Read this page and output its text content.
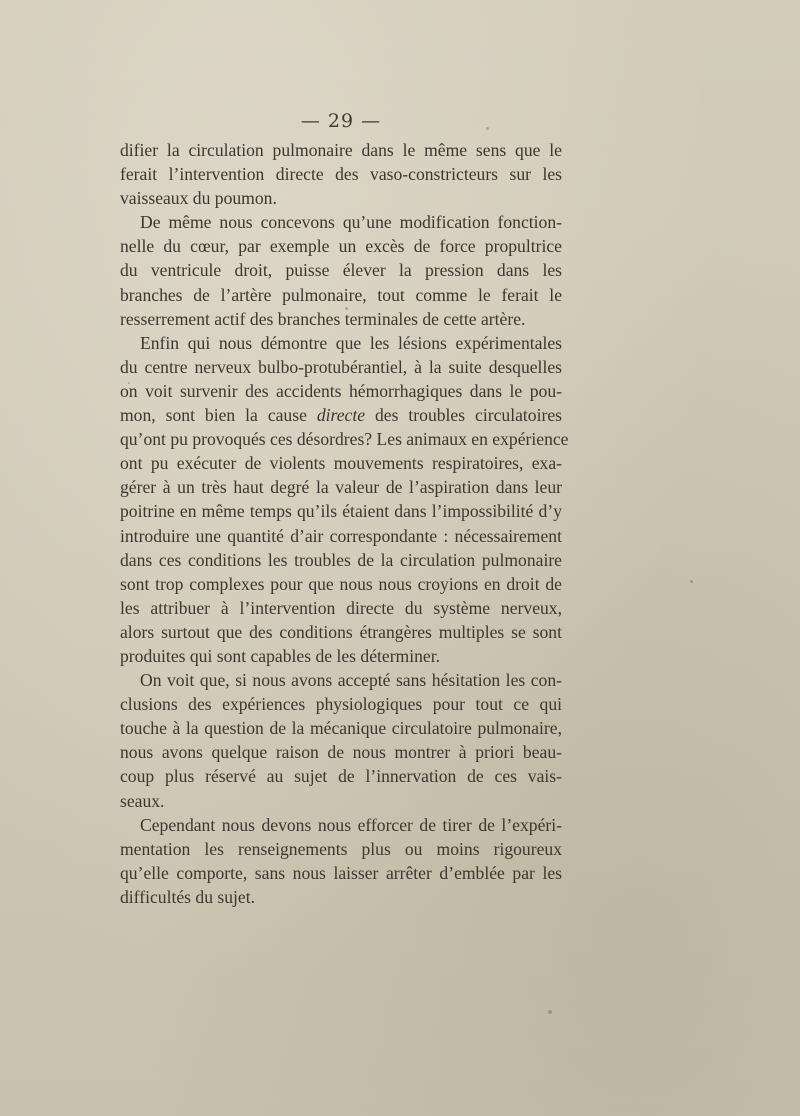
— 29 —

difier la circulation pulmonaire dans le même sens que le
ferait l’intervention directe des vaso-constricteurs sur les
vaisseaux du poumon.

De même nous concevons qu’une modification fonction-
nelle du cœur, par exemple un excès de force propultrice
du ventricule droit, puisse élever la pression dans les
branches de l’artère pulmonaire, tout comme le ferait le
resserrement actif des branches terminales de cette artère.

Enfin qui nous démontre que les lésions expérimentales
du centre nerveux bulbo-protubérantiel, à la suite desquelles
on voit survenir des accidents hémorrhagiques dans le pou-
mon, sont bien la cause directe des troubles circulatoires
qu’ont pu provoqués ces désordres? Les animaux en expérience
ont pu exécuter de violents mouvements respiratoires, exa-
gérer à un très haut degré la valeur de l’aspiration dans leur
poitrine en même temps qu’ils étaient dans l’impossibilité d’y
introduire une quantité d’air correspondante : nécessairement
dans ces conditions les troubles de la circulation pulmonaire
sont trop complexes pour que nous nous croyions en droit de
les attribuer à l’intervention directe du système nerveux,
alors surtout que des conditions étrangères multiples se sont
produites qui sont capables de les déterminer.

On voit que, si nous avons accepté sans hésitation les con-
clusions des expériences physiologiques pour tout ce qui
touche à la question de la mécanique circulatoire pulmonaire,
nous avons quelque raison de nous montrer à priori beau-
coup plus réservé au sujet de l’innervation de ces vais-
seaux.

Cependant nous devons nous efforcer de tirer de l’expéri-
mentation les renseignements plus ou moins rigoureux
qu’elle comporte, sans nous laisser arrêter d’emblée par les
difficultés du sujet.
